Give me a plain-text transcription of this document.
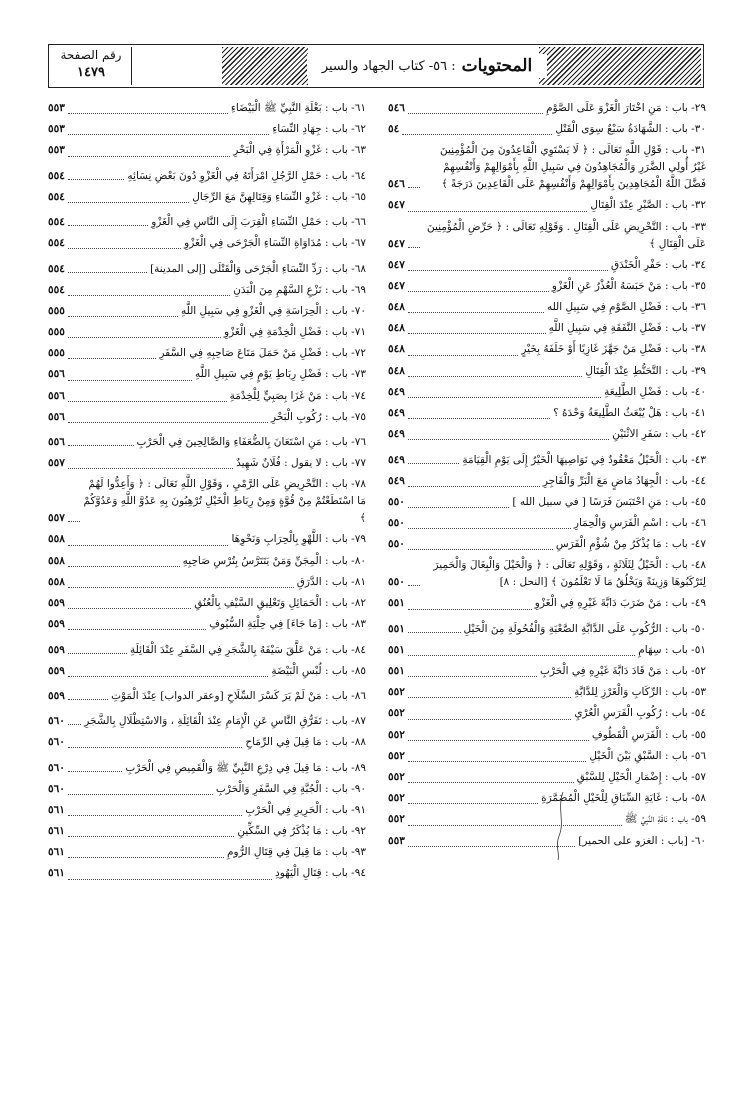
المحتويات
: ٥٦- كتاب الجهاد والسير
رقم الصفحة
١٤٧٩
٢٩- باب : مَنِ اخْتَارَ الْغَزْوَ عَلَى الصَّوْمِ
٥٤٦
٣٠- باب : الشَّهَادَةُ سَبْعٌ سِوَى الْقَتْلِ
٥٤
٣١- باب : قَوْلِ اللَّهِ تَعَالَى : ﴿ لَا يَسْتَوِي الْقَاعِدُونَ مِنَ الْمُؤْمِنِينَ غَيْرُ أُولِي الضَّرَرِ وَالْمُجَاهِدُونَ فِي سَبِيلِ اللَّهِ بِأَمْوَالِهِمْ وَأَنْفُسِهِمْ فَضَّلَ اللَّهُ الْمُجَاهِدِينَ بِأَمْوَالِهِمْ وَأَنْفُسِهِمْ عَلَى الْقَاعِدِينَ دَرَجَةً ﴾
٥٤٦
٣٢- باب : الصَّبْرِ عِنْدَ الْقِتَالِ
٥٤٧
٣٣- باب : التَّحْرِيضِ عَلَى الْقِتَالِ . وَقَوْلِهِ تَعَالَى : ﴿ حَرِّضِ الْمُؤْمِنِينَ عَلَى الْقِتَالِ ﴾
٥٤٧
٣٤- باب : حَفْرِ الْخَنْدَقِ
٥٤٧
٣٥- باب : مَنْ حَبَسَهُ الْعُذْرُ عَنِ الْغَزْوِ
٥٤٧
٣٦- باب : فَضْلِ الصَّوْمِ فِي سَبِيلِ الله
٥٤٨
٣٧- باب : فَضْلِ النَّفَقَةِ فِي سَبِيلِ اللَّهِ
٥٤٨
٣٨- باب : فَضْلِ مَنْ جَهَّزَ غَازِيًا أَوْ خَلَفَهُ بِخَيْرٍ
٥٤٨
٣٩- باب : التَّحَنُّطِ عِنْدَ الْقِتَالِ
٥٤٨
٤٠- باب : فَضْلِ الطَّلِيعَةِ
٥٤٩
٤١- باب : هَلْ يُبْعَثُ الطَّلِيعَةُ وَحْدَهُ ؟
٥٤٩
٤٢- باب : سَفَرِ الاثْنَيْنِ
٥٤٩
٤٣- باب : الْخَيْلُ مَعْقُودٌ فِي نَوَاصِيهَا الْخَيْرُ إِلَى يَوْمِ الْقِيَامَةِ
٥٤٩
٤٤- باب : الْجِهَادُ مَاضٍ مَعَ الْبَرِّ وَالْفَاجِرِ
٥٤٩
٤٥- باب : مَنِ احْتَبَسَ فَرَسًا [ في سبيل الله ]
٥٥٠
٤٦- باب : اسْمِ الْفَرَسِ وَالْحِمَارِ
٥٥٠
٤٧- باب : مَا يُذْكَرُ مِنْ شُؤْمِ الْفَرَسِ
٥٥٠
٤٨- باب : الْخَيْلُ لِثَلَاثَةٍ ، وَقَوْلِهِ تَعَالَى : ﴿ وَالْخَيْلَ وَالْبِغَالَ وَالْحَمِيرَ لِتَرْكَبُوهَا وَزِينَةً وَيَخْلُقُ مَا لَا تَعْلَمُونَ ﴾ [النحل : ٨]
٥٥٠
٤٩- باب : مَنْ ضَرَبَ دَابَّةَ غَيْرِهِ فِي الْغَزْوِ
٥٥١
٥٠- باب : الرُّكُوبِ عَلَى الدَّابَّةِ الصَّعْبَةِ وَالْفُحُولَةِ مِنَ الْخَيْلِ
٥٥١
٥١- باب : سِهَامِ
٥٥١
٥٢- باب : مَنْ قَادَ دَابَّةَ غَيْرِهِ فِي الْحَرْبِ
٥٥١
٥٣- باب : الرِّكَابِ وَالْغَرْزِ لِلدَّابَّةِ
٥٥٢
٥٤- باب : رُكُوبِ الْفَرَسِ الْعُرْيِ
٥٥٢
٥٥- باب : الْفَرَسِ الْقَطُوفِ
٥٥٢
٥٦- باب : السَّبْقِ بَيْنَ الْخَيْلِ
٥٥٢
٥٧- باب : إِضْمَارِ الْخَيْلِ لِلسَّبْقِ
٥٥٢
٥٨- باب : غَايَةِ السِّبَاقِ لِلْخَيْلِ الْمُضَمَّرَةِ
٥٥٢
٥٩- باب : نَاقَةِ النَّبِيِّ ﷺ
٥٥٢
٦٠- [باب : الغزو على الحمير]
٥٥٣
٦١- باب : بَغْلَةِ النَّبِيِّ ﷺ الْبَيْضَاءِ
٥٥٣
٦٢- باب : جِهَادِ النِّسَاءِ
٥٥٣
٦٣- باب : غَزْوِ الْمَرْأَةِ فِي الْبَحْرِ
٥٥٣
٦٤- باب : حَمْلِ الرَّجُلِ امْرَأَتَهُ فِي الْغَزْوِ دُونَ بَعْضِ نِسَائِهِ
٥٥٤
٦٥- باب : غَزْوِ النِّسَاءِ وَقِتَالِهِنَّ مَعَ الرِّجَالِ
٥٥٤
٦٦- باب : حَمْلِ النِّسَاءِ الْقِرَبَ إِلَى النَّاسِ فِي الْغَزْوِ
٥٥٤
٦٧- باب : مُدَاوَاةِ النِّسَاءِ الْجَرْحَى فِي الْغَزْوِ
٥٥٤
٦٨- باب : رَدِّ النِّسَاءِ الْجَرْحَى وَالْقَتْلَى [إلى المدينة]
٥٥٤
٦٩- باب : نَزْعِ السَّهْمِ مِنَ الْبَدَنِ
٥٥٤
٧٠- باب : الْحِرَاسَةِ فِي الْغَزْوِ فِي سَبِيلِ اللَّهِ
٥٥٥
٧١- باب : فَضْلِ الْخِدْمَةِ فِي الْغَزْوِ
٥٥٥
٧٢- باب : فَضْلِ مَنْ حَمَلَ مَتَاعَ صَاحِبِهِ فِي السَّفَرِ
٥٥٥
٧٣- باب : فَضْلِ رِبَاطِ يَوْمٍ فِي سَبِيلِ اللَّهِ
٥٥٦
٧٤- باب : مَنْ غَزَا بِصَبِيٍّ لِلْخِدْمَةِ
٥٥٦
٧٥- باب : رُكُوبِ الْبَحْرِ
٥٥٦
٧٦- باب : مَنِ اسْتَعَانَ بِالضُّعَفَاءِ وَالصَّالِحِينَ فِي الْحَرْبِ
٥٥٦
٧٧- باب : لا يقول : فُلَانٌ شَهِيدٌ
٥٥٧
٧٨- باب : التَّحْرِيضِ عَلَى الرَّمْيِ ، وَقَوْلِ اللَّهِ تَعَالَى : ﴿ وَأَعِدُّوا لَهُمْ مَا اسْتَطَعْتُمْ مِنْ قُوَّةٍ وَمِنْ رِبَاطِ الْخَيْلِ تُرْهِبُونَ بِهِ عَدُوَّ اللَّهِ وَعَدُوَّكُمْ ﴾
٥٥٧
٧٩- باب : اللَّهْوِ بِالْحِرَابِ وَنَحْوِهَا
٥٥٨
٨٠- باب : الْمِجَنِّ وَمَنْ يَتَتَرَّسُ بِتُرْسِ صَاحِبِهِ
٥٥٨
٨١- باب : الدَّرَقِ
٥٥٨
٨٢- باب : الْحَمَائِلِ وَتَعْلِيقِ السَّيْفِ بِالْعُنُقِ
٥٥٩
٨٣- باب : [مَا جَاءَ] فِي حِلْيَةِ السُّيُوفِ
٥٥٩
٨٤- باب : مَنْ عَلَّقَ سَيْفَهُ بِالشَّجَرِ فِي السَّفَرِ عِنْدَ الْقَائِلَةِ
٥٥٩
٨٥- باب : لُبْسِ الْبَيْضَةِ
٥٥٩
٨٦- باب : مَنْ لَمْ يَرَ كَسْرَ السِّلَاحِ [وعقر الدواب] عِنْدَ الْمَوْتِ
٥٥٩
٨٧- باب : تَفَرُّقِ النَّاسِ عَنِ الْإِمَامِ عِنْدَ الْقَائِلَةِ ، وَالاسْتِظْلَالِ بِالشَّجَرِ
٥٦٠
٨٨- باب : مَا قِيلَ فِي الرِّمَاحِ
٥٦٠
٨٩- باب : مَا قِيلَ فِي دِرْعِ النَّبِيِّ ﷺ وَالْقَمِيصِ فِي الْحَرْبِ
٥٦٠
٩٠- باب : الْجُبَّةِ فِي السَّفَرِ وَالْحَرْبِ
٥٦٠
٩١- باب : الْحَرِيرِ فِي الْحَرْبِ
٥٦١
٩٢- باب : مَا يُذْكَرُ فِي السِّكِّينِ
٥٦١
٩٣- باب : مَا قِيلَ فِي قِتَالِ الرُّومِ
٥٦١
٩٤- باب : قِتَالِ الْيَهُودِ
٥٦١
